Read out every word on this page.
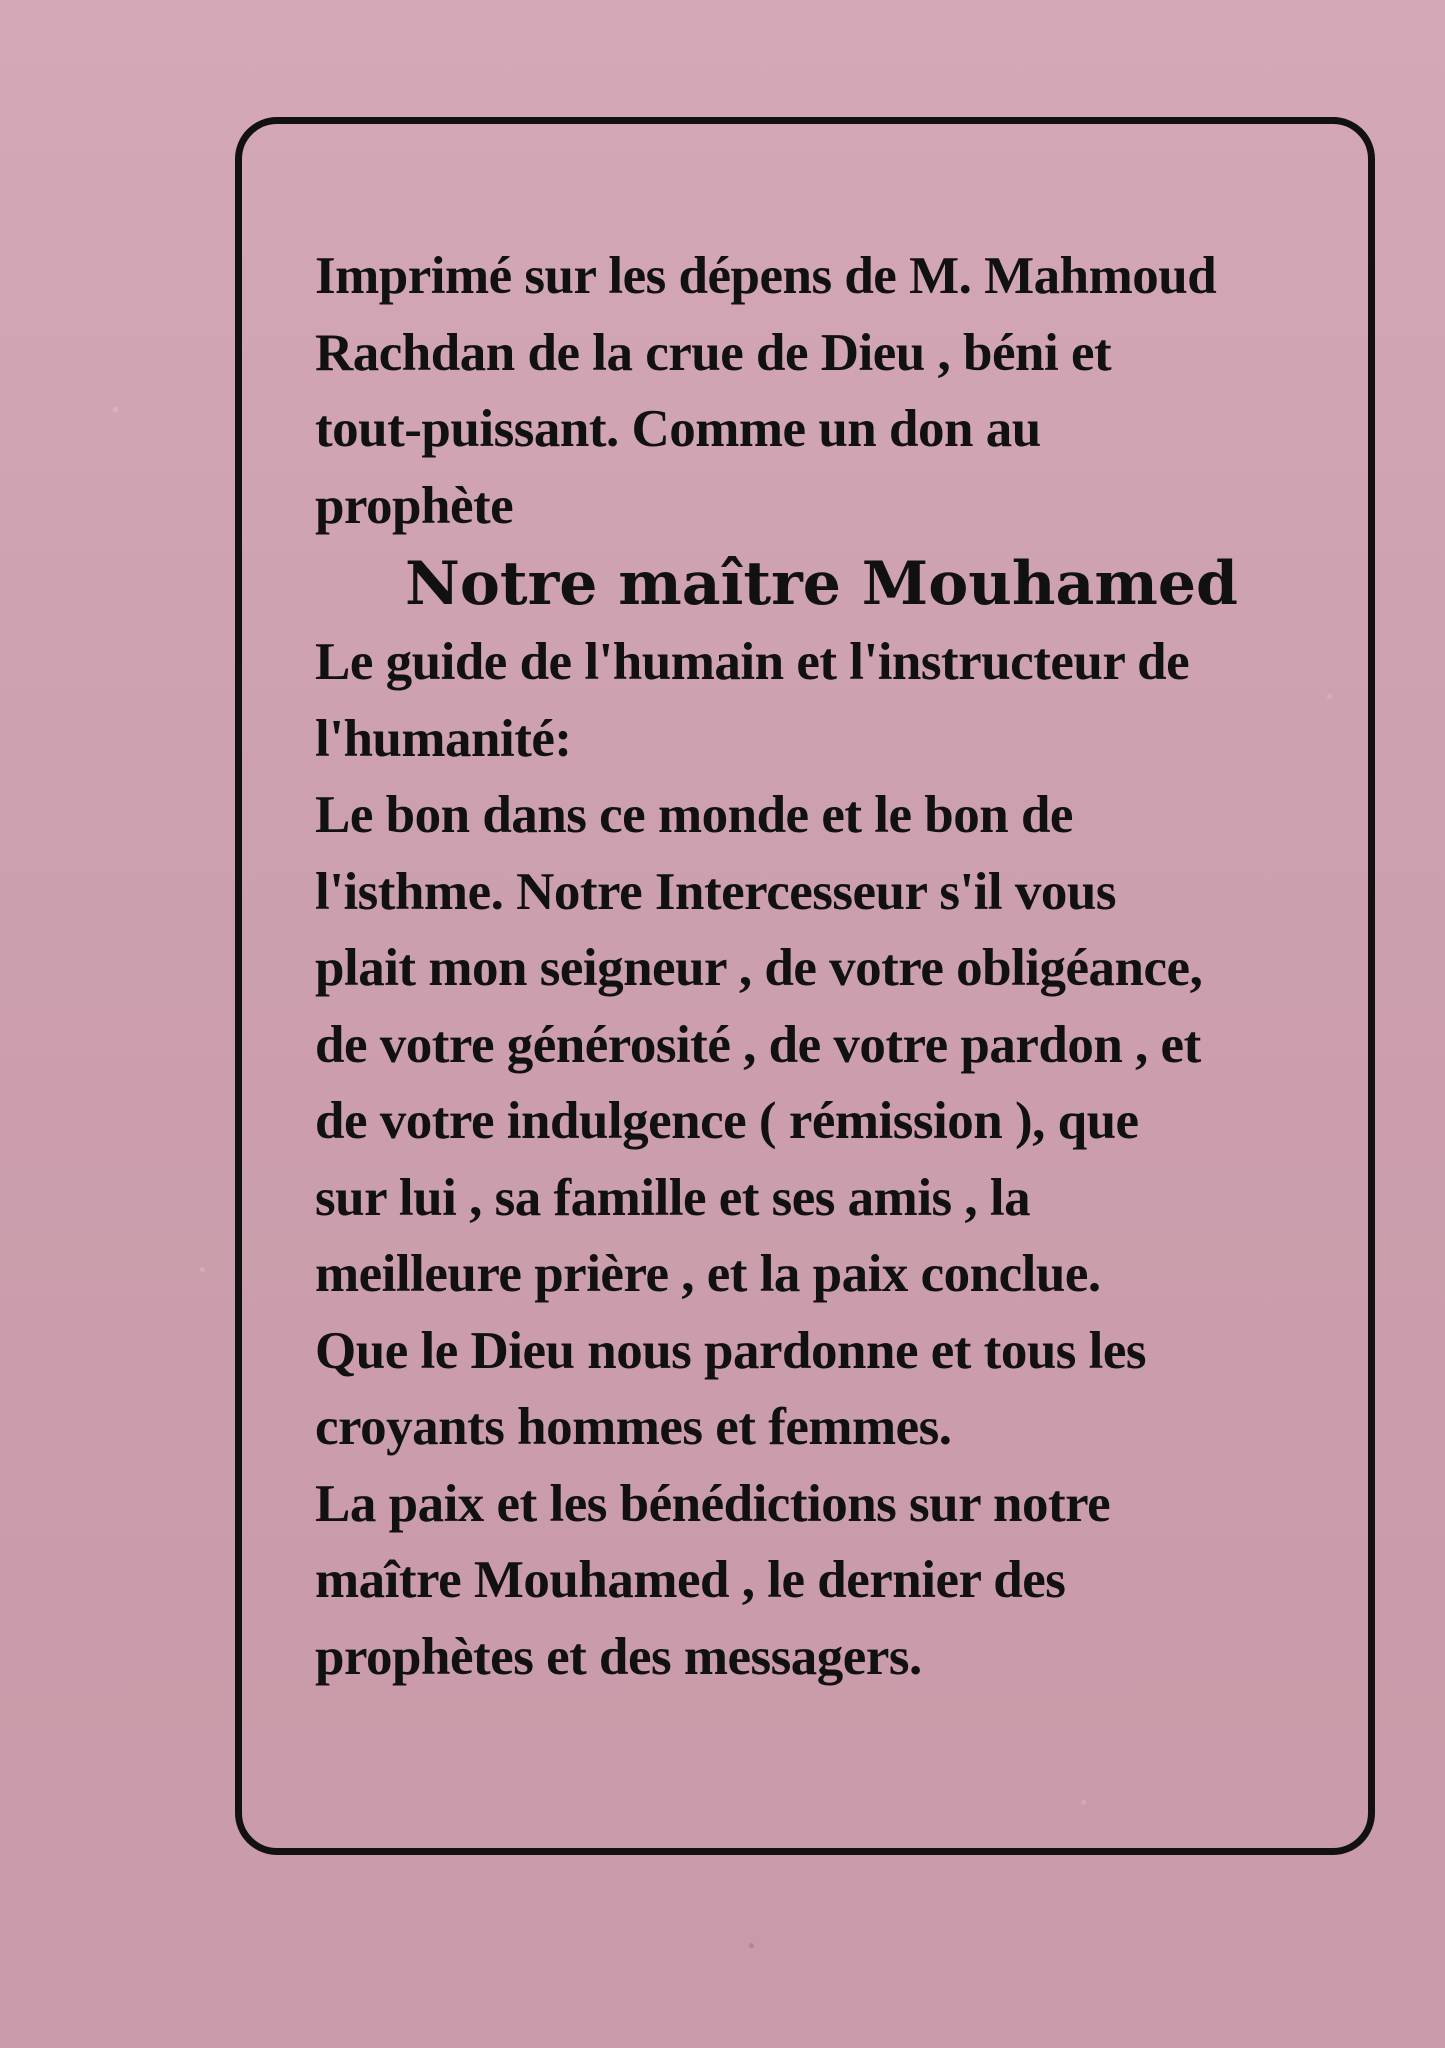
Imprimé sur les dépens de M. Mahmoud
Rachdan de la crue de Dieu , béni et
tout-puissant. Comme un don au
prophète
Notre maître Mouhamed
Le guide de l'humain et l'instructeur de
l'humanité:
Le bon dans ce monde et le bon de
l'isthme. Notre Intercesseur s'il vous
plait mon seigneur , de votre obligéance,
de votre générosité , de votre pardon , et
de votre indulgence ( rémission ), que
sur lui , sa famille et ses amis , la
meilleure prière , et la paix conclue.
Que le Dieu nous pardonne et tous les
croyants hommes et femmes.
La paix et les bénédictions sur notre
maître Mouhamed , le dernier des
prophètes et des messagers.
